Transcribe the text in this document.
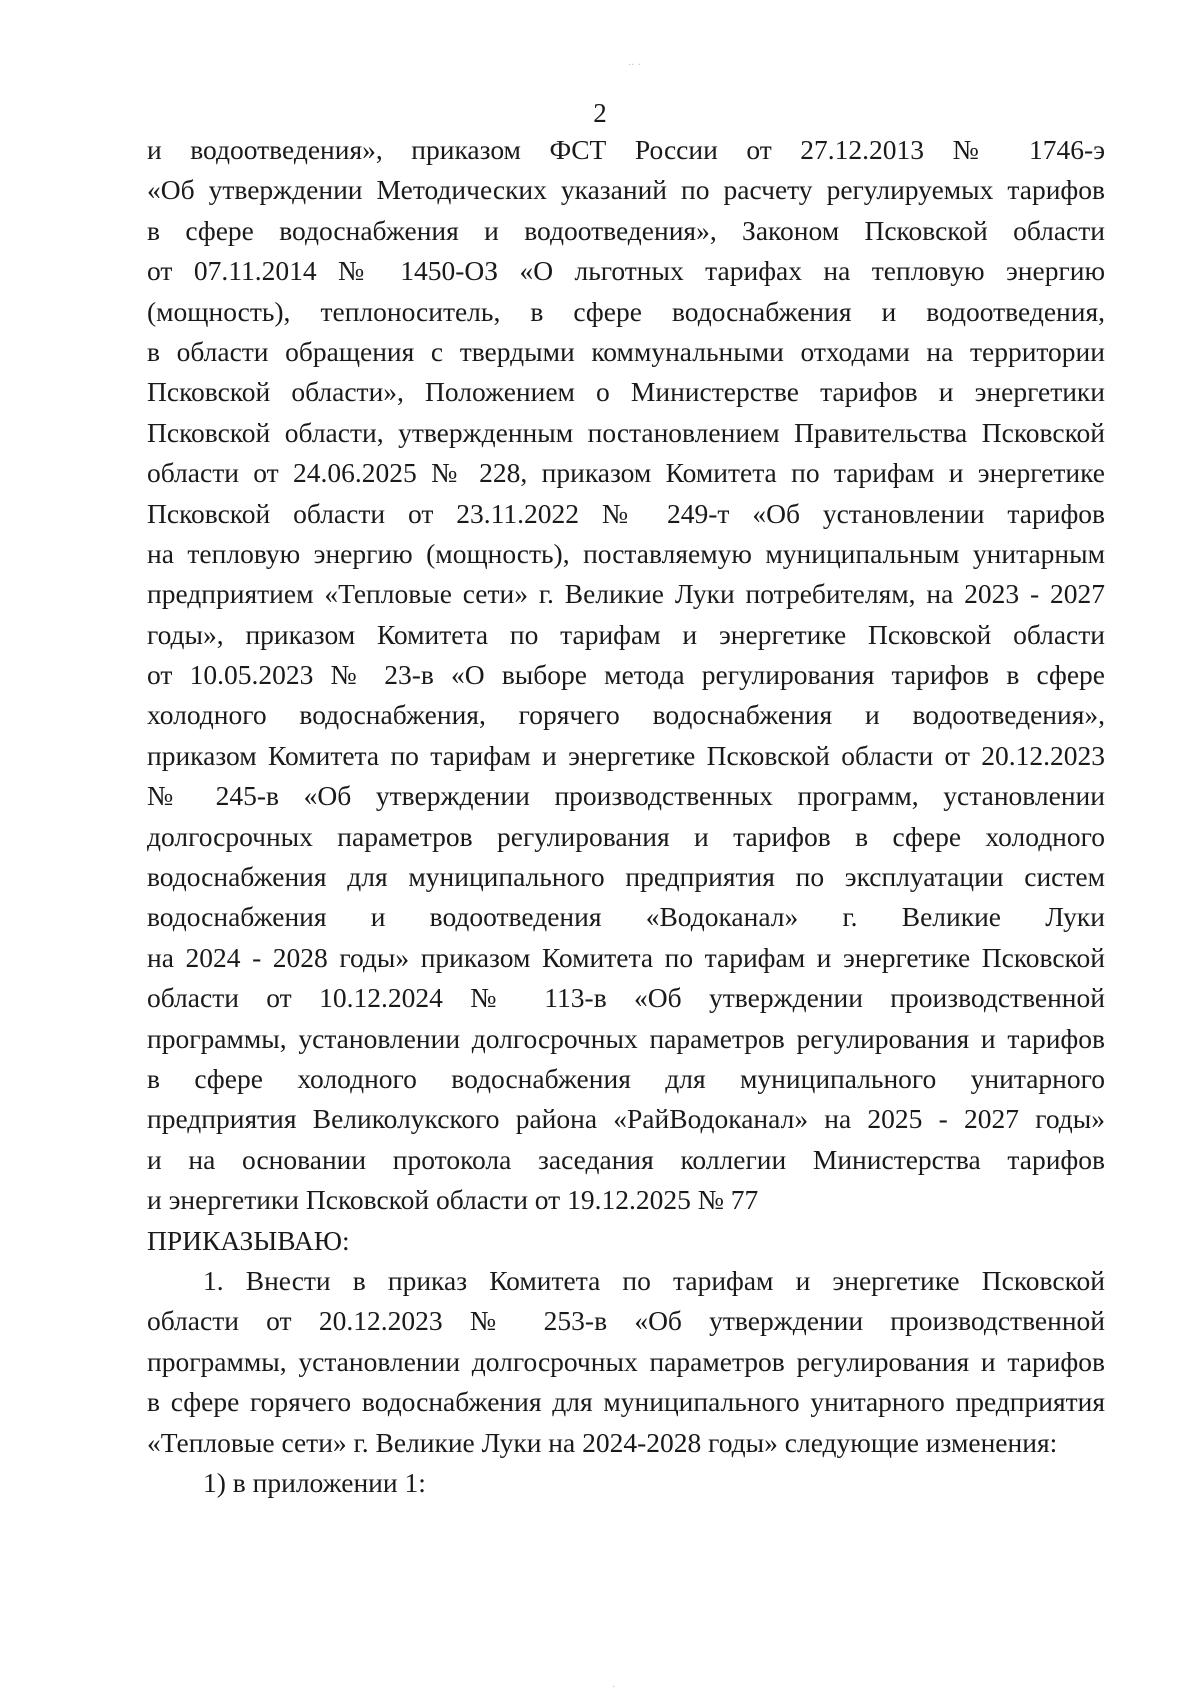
2
и водоотведения», приказом ФСТ России от 27.12.2013 № 1746-э
«Об утверждении Методических указаний по расчету регулируемых тарифов
в сфере водоснабжения и водоотведения», Законом Псковской области
от 07.11.2014 № 1450-ОЗ «О льготных тарифах на тепловую энергию
(мощность), теплоноситель, в сфере водоснабжения и водоотведения,
в области обращения с твердыми коммунальными отходами на территории
Псковской области», Положением о Министерстве тарифов и энергетики
Псковской области, утвержденным постановлением Правительства Псковской
области от 24.06.2025 № 228, приказом Комитета по тарифам и энергетике
Псковской области от 23.11.2022 № 249-т «Об установлении тарифов
на тепловую энергию (мощность), поставляемую муниципальным унитарным
предприятием «Тепловые сети» г. Великие Луки потребителям, на 2023 - 2027
годы», приказом Комитета по тарифам и энергетике Псковской области
от 10.05.2023 № 23-в «О выборе метода регулирования тарифов в сфере
холодного водоснабжения, горячего водоснабжения и водоотведения»,
приказом Комитета по тарифам и энергетике Псковской области от 20.12.2023
№ 245-в «Об утверждении производственных программ, установлении
долгосрочных параметров регулирования и тарифов в сфере холодного
водоснабжения для муниципального предприятия по эксплуатации систем
водоснабжения и водоотведения «Водоканал» г. Великие Луки
на 2024 - 2028 годы» приказом Комитета по тарифам и энергетике Псковской
области от 10.12.2024 № 113-в «Об утверждении производственной
программы, установлении долгосрочных параметров регулирования и тарифов
в сфере холодного водоснабжения для муниципального унитарного
предприятия Великолукского района «РайВодоканал» на 2025 - 2027 годы»
и на основании протокола заседания коллегии Министерства тарифов
и энергетики Псковской области от 19.12.2025 № 77
ПРИКАЗЫВАЮ:
1. Внести в приказ Комитета по тарифам и энергетике Псковской
области от 20.12.2023 № 253-в «Об утверждении производственной
программы, установлении долгосрочных параметров регулирования и тарифов
в сфере горячего водоснабжения для муниципального унитарного предприятия
«Тепловые сети» г. Великие Луки на 2024-2028 годы» следующие изменения:
1) в приложении 1:
·· ·
·
